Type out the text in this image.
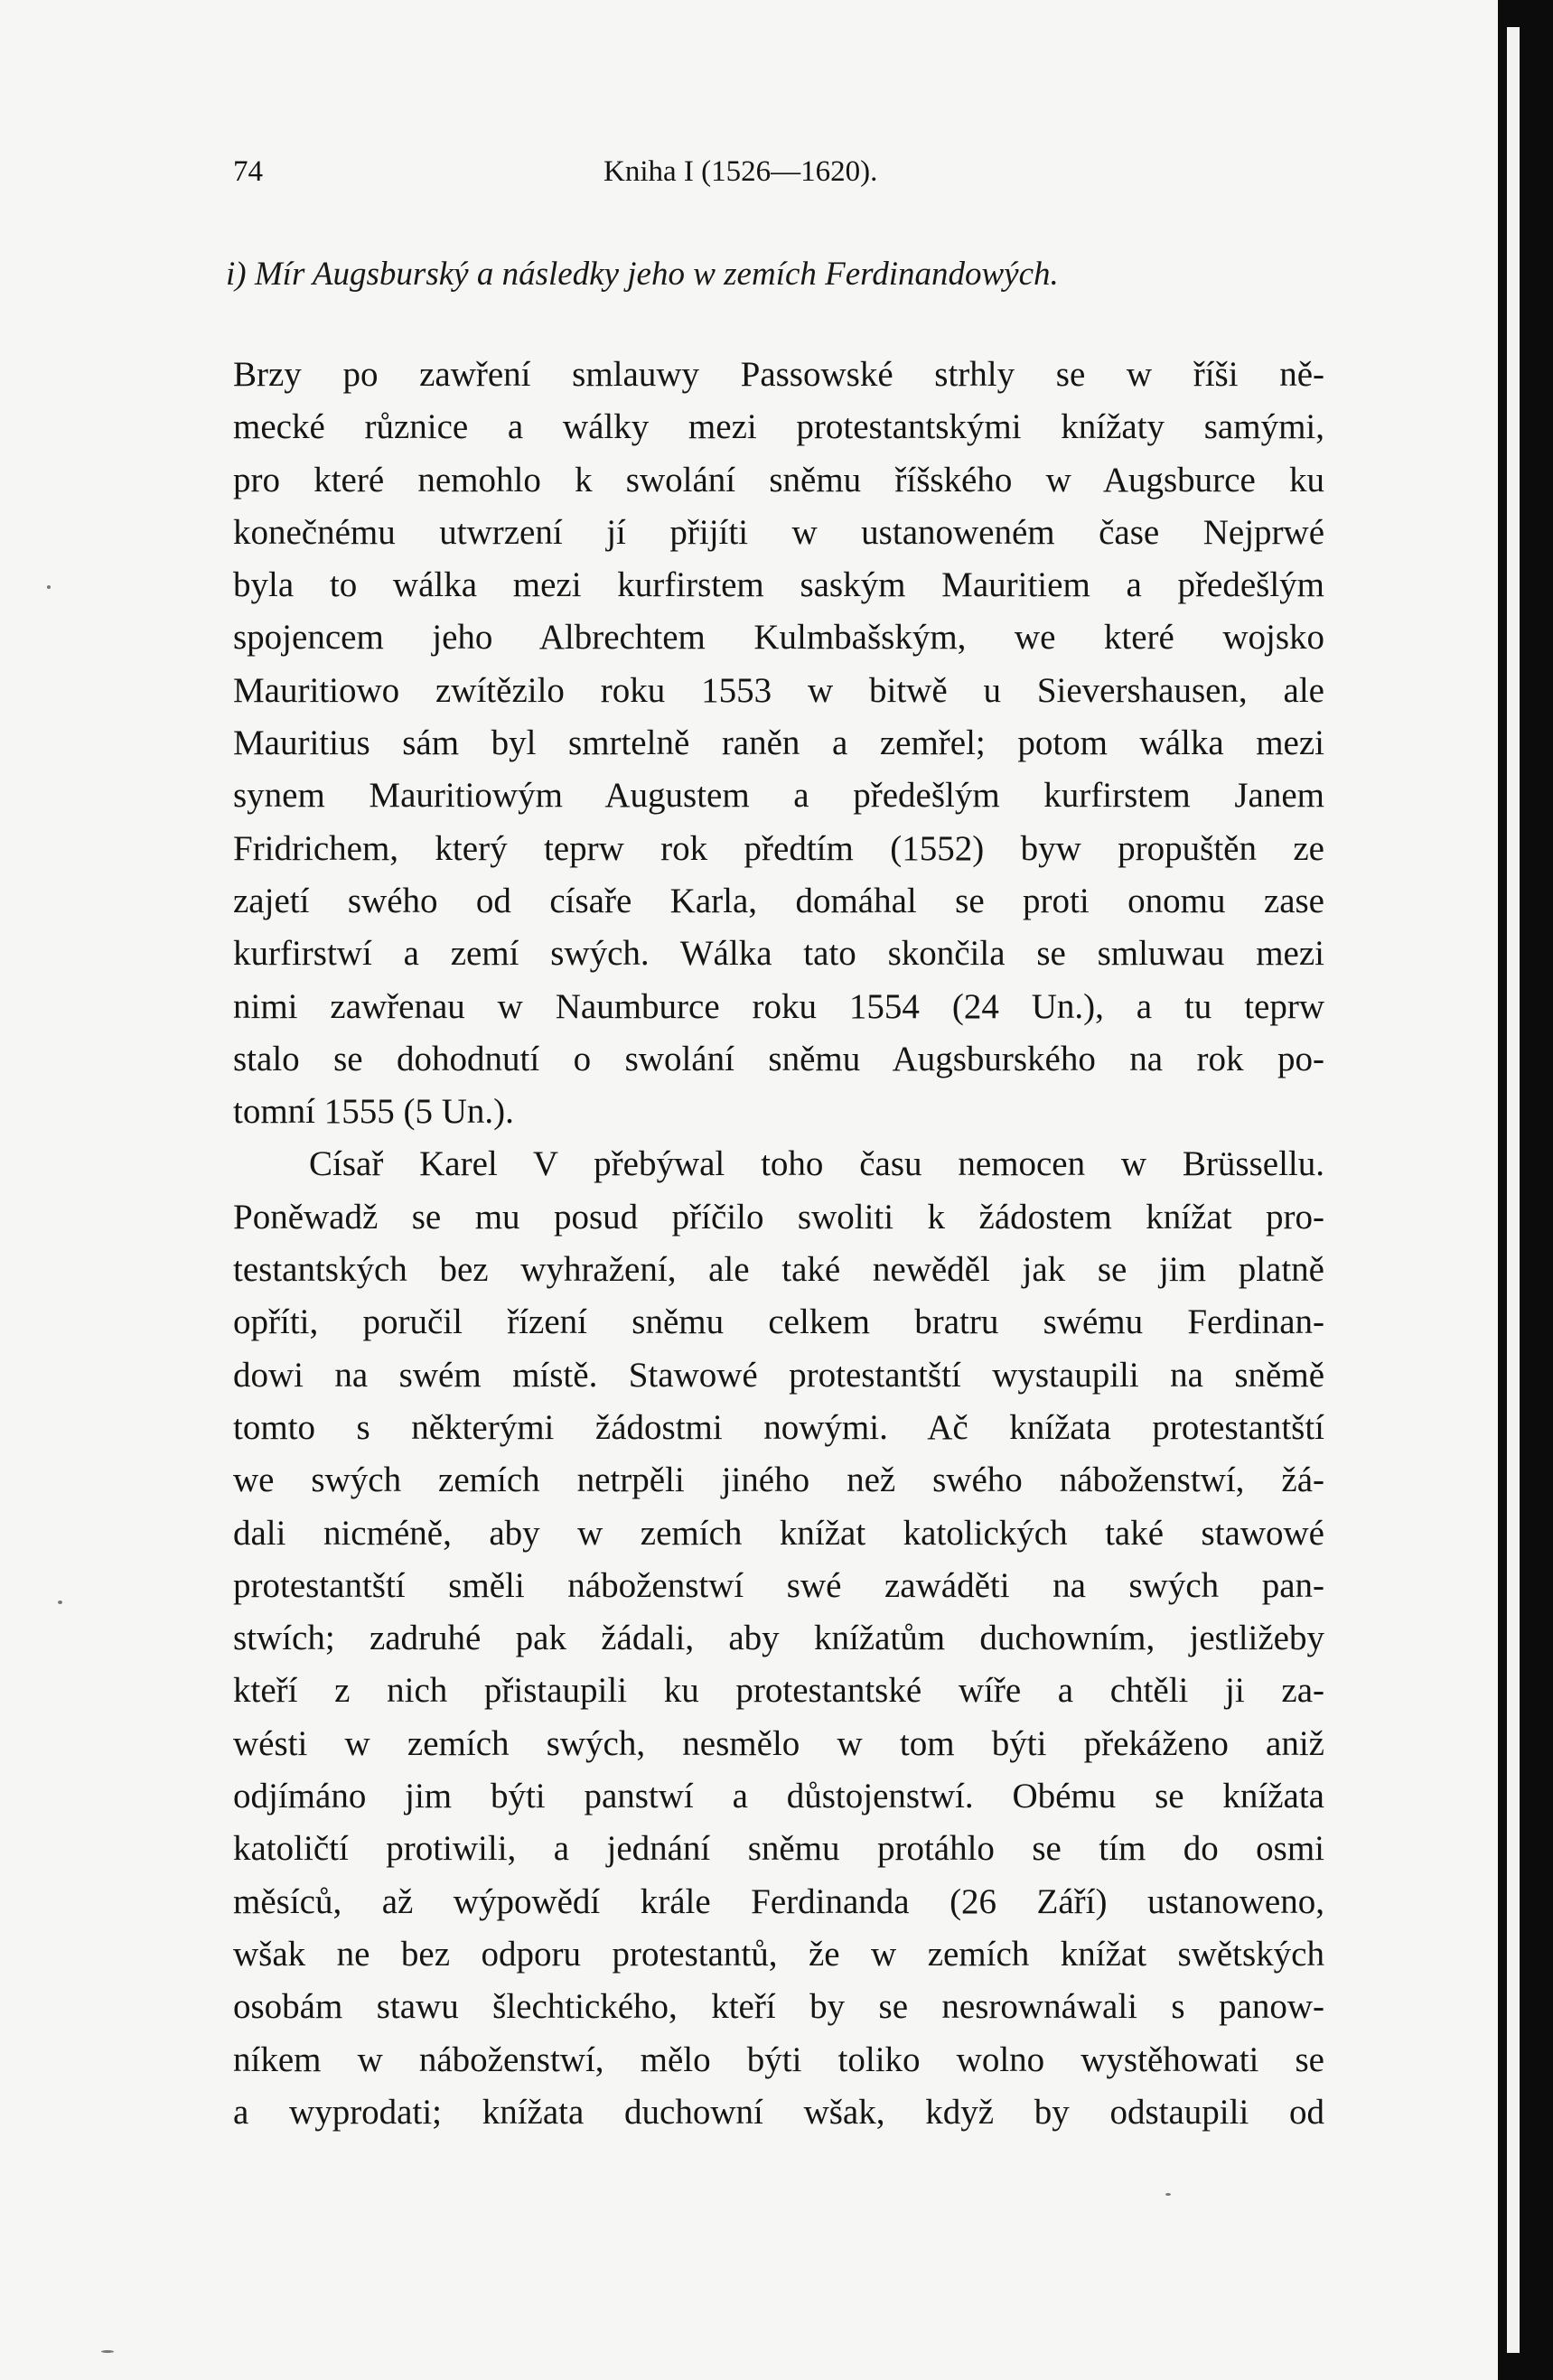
74	Kniha I (1526—1620).
i) Mír Augsburský a následky jeho w zemích Ferdinandowých.
Brzy po zawření smlauwy Passowské strhly se w říši ně-
mecké různice a wálky mezi protestantskými knížaty samými,
pro které nemohlo k swolání sněmu říšského w Augsburce ku
konečnému utwrzení jí přijíti w ustanoweném čase Nejprwé
byla to wálka mezi kurfirstem saským Mauritiem a předešlým
spojencem jeho Albrechtem Kulmbašským, we které wojsko
Mauritiowo zwítězilo roku 1553 w bitwě u Sievershausen, ale
Mauritius sám byl smrtelně raněn a zemřel; potom wálka mezi
synem Mauritiowým Augustem a předešlým kurfirstem Janem
Fridrichem, který teprw rok předtím (1552) byw propuštěn ze
zajetí swého od císaře Karla, domáhal se proti onomu zase
kurfirstwí a zemí swých. Wálka tato skončila se smluwau mezi
nimi zawřenau w Naumburce roku 1554 (24 Un.), a tu teprw
stalo se dohodnutí o swolání sněmu Augsburského na rok po-
tomní 1555 (5 Un.).
Císař Karel V přebýwal toho času nemocen w Brüssellu.
Poněwadž se mu posud příčilo swoliti k žádostem knížat pro-
testantských bez wyhražení, ale také newěděl jak se jim platně
opříti, poručil řízení sněmu celkem bratru swému Ferdinan-
dowi na swém místě. Stawowé protestantští wystaupili na sněmě
tomto s některými žádostmi nowými. Ač knížata protestantští
we swých zemích netrpěli jiného než swého náboženstwí, žá-
dali nicméně, aby w zemích knížat katolických také stawowé
protestantští směli náboženstwí swé zawáděti na swých pan-
stwích; zadruhé pak žádali, aby knížatům duchowním, jestližeby
kteří z nich přistaupili ku protestantské wíře a chtěli ji za-
wésti w zemích swých, nesmělo w tom býti překáženo aniž
odjímáno jim býti panstwí a důstojenstwí. Obému se knížata
katoličtí protiwili, a jednání sněmu protáhlo se tím do osmi
měsíců, až wýpowědí krále Ferdinanda (26 Září) ustanoweno,
wšak ne bez odporu protestantů, že w zemích knížat swětských
osobám stawu šlechtického, kteří by se nesrownáwali s panow-
níkem w náboženstwí, mělo býti toliko wolno wystěhowati se
a wyprodati; knížata duchowní wšak, když by odstaupili od
